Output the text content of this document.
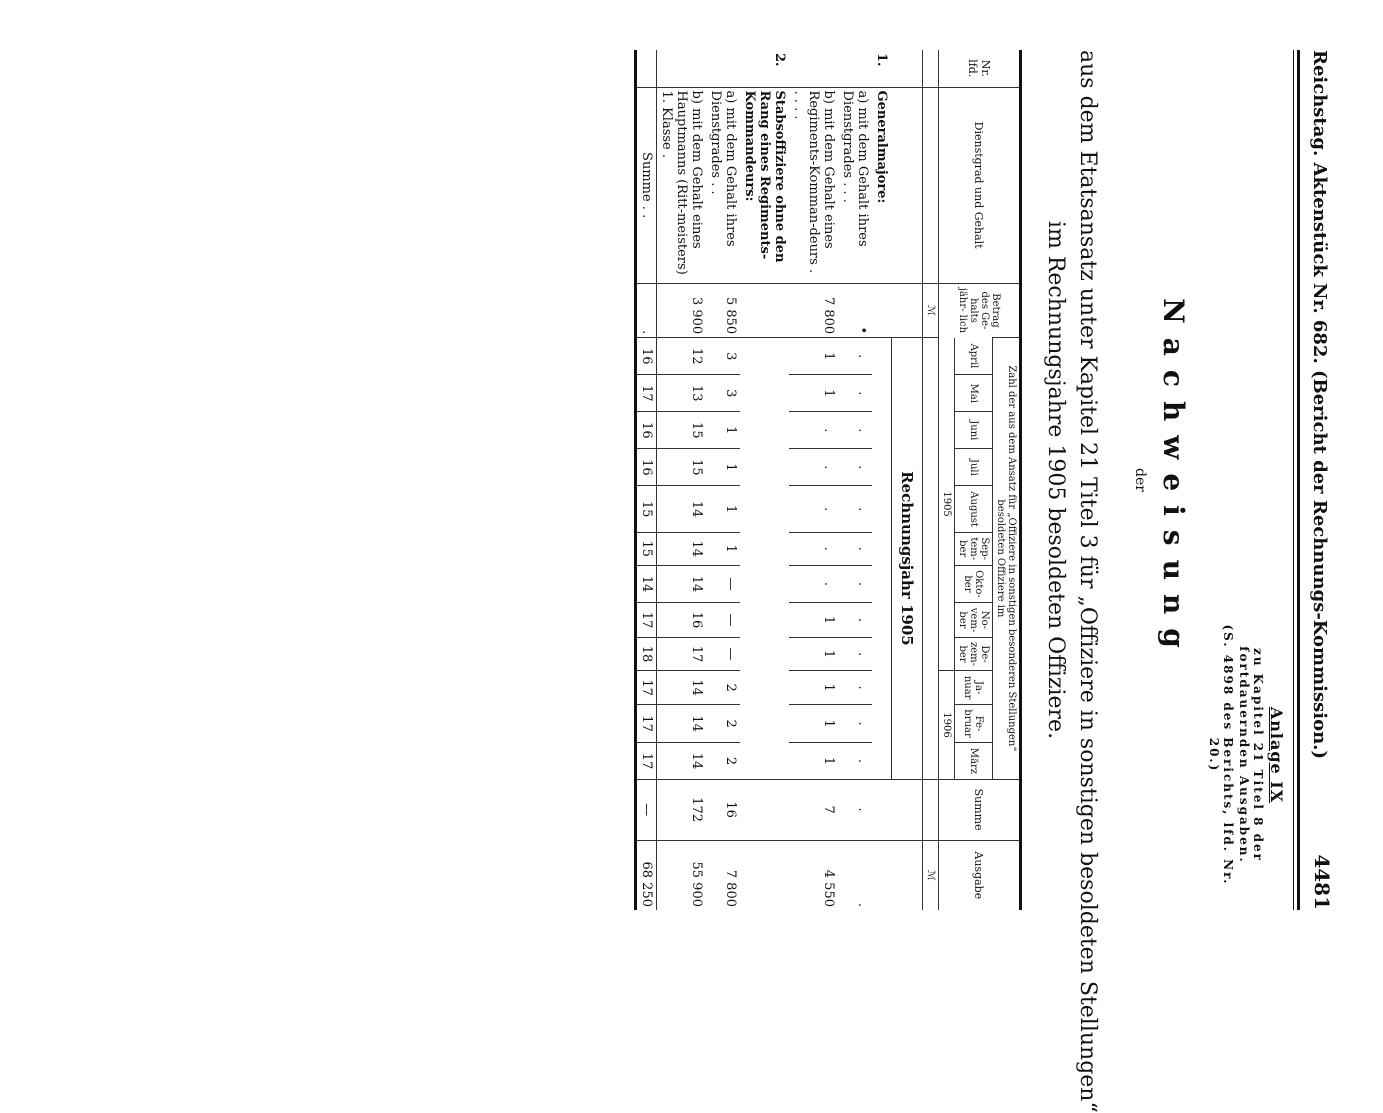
Reichstag. Aktenstück Nr. 682. (Bericht der Rechnungs-Kommission.)
4481
Anlage IX
zu Kapitel 21 Titel 8 der fortdauernden Ausgaben.
(S. 4898 des Berichts, lfd. Nr. 20.)
Nachweisung
der
aus dem Etatsansatz unter Kapitel 21 Titel 3 für „Offiziere in sonstigen besoldeten Stellungen“
im Rechnungsjahre 1905 besoldeten Offiziere.
Nr. lfd.	Dienstgrad und Gehalt	Betrag des Ge- halts jähr- lich	Zahl der aus dem Ansatz für „Offiziere in sonstigen besonderen Stellungen“ besoldeten Offiziere im												Summe	Ausgabe
			April	Mai	Juni	Juli	August	Sep- tem- ber	Okto- ber	No- vem- ber	De- zem- ber	Ja- nuar	Fe- bruar	März		
			1905									1906				
		ℳ														ℳ
			Rechnungsjahr 1905													
1.	Generalmajore:															
	a) mit dem Gehalt ihres Dienstgrades . . .	•	.	.	.	.	.	.	.	.	.	.	.	.	.	.
	b) mit dem Gehalt eines Regiments-Komman-deurs . . . . .	7 800	1	1	.	.	.	.	.	1	1	1	1	1	7	4 550
2.	Stabsoffiziere ohne den Rang eines Regiments-Kommandeurs:															
	a) mit dem Gehalt ihres Dienstgrades . .	5 850	3	3	1	1	1	1	—	—	—	2	2	2	16	7 800
	b) mit dem Gehalt eines Hauptmanns (Ritt-meisters) 1. Klasse .	3 900	12	13	15	15	14	14	14	16	17	14	14	14	172	55 900
	Summe . .	.	16	17	16	16	15	15	14	17	18	17	17	17	—	68 250
